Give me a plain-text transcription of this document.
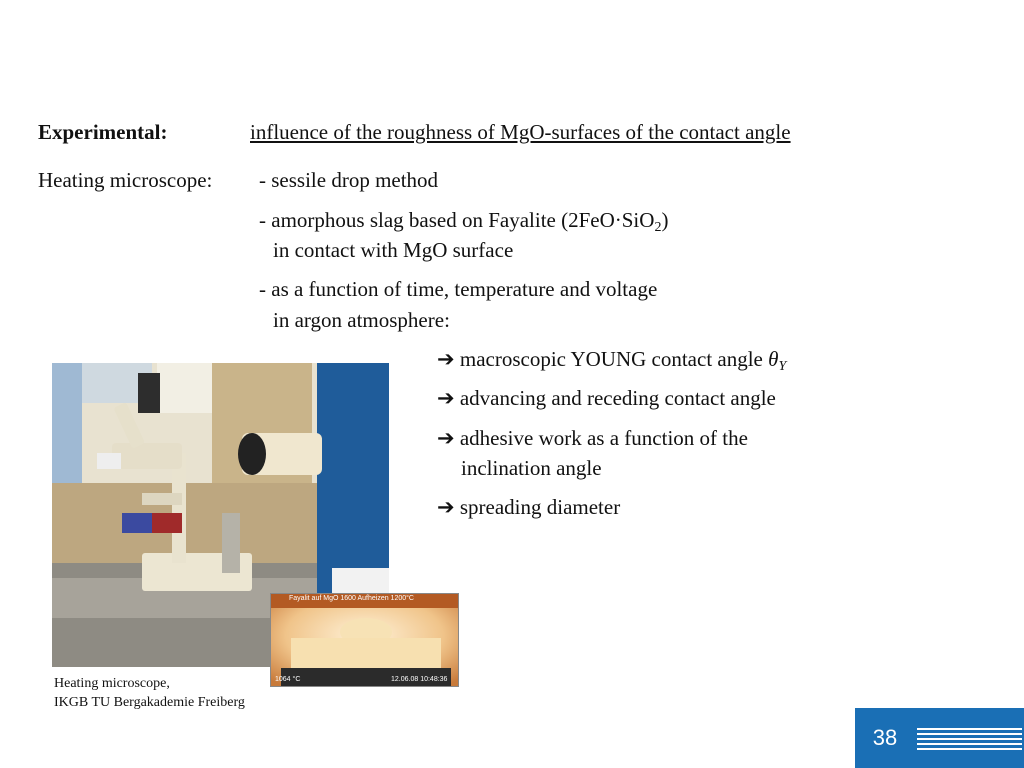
Experimental:	influence of the roughness of MgO-surfaces of the contact angle
Heating microscope: - sessile drop method
- amorphous slag based on Fayalite (2FeO·SiO$_2$)
in contact with MgO surface
- as a function of time, temperature and voltage
in argon atmosphere:
➔ macroscopic YOUNG contact angle $\theta_Y$
➔ advancing and receding contact angle
➔ adhesive work as a function of the
inclination angle
➔ spreading diameter
Fayalit auf MgO 1600 Aufheizen 1200°C
1064 °C	12.06.08 10:48:36
Heating microscope,
IKGB TU Bergakademie Freiberg
38
